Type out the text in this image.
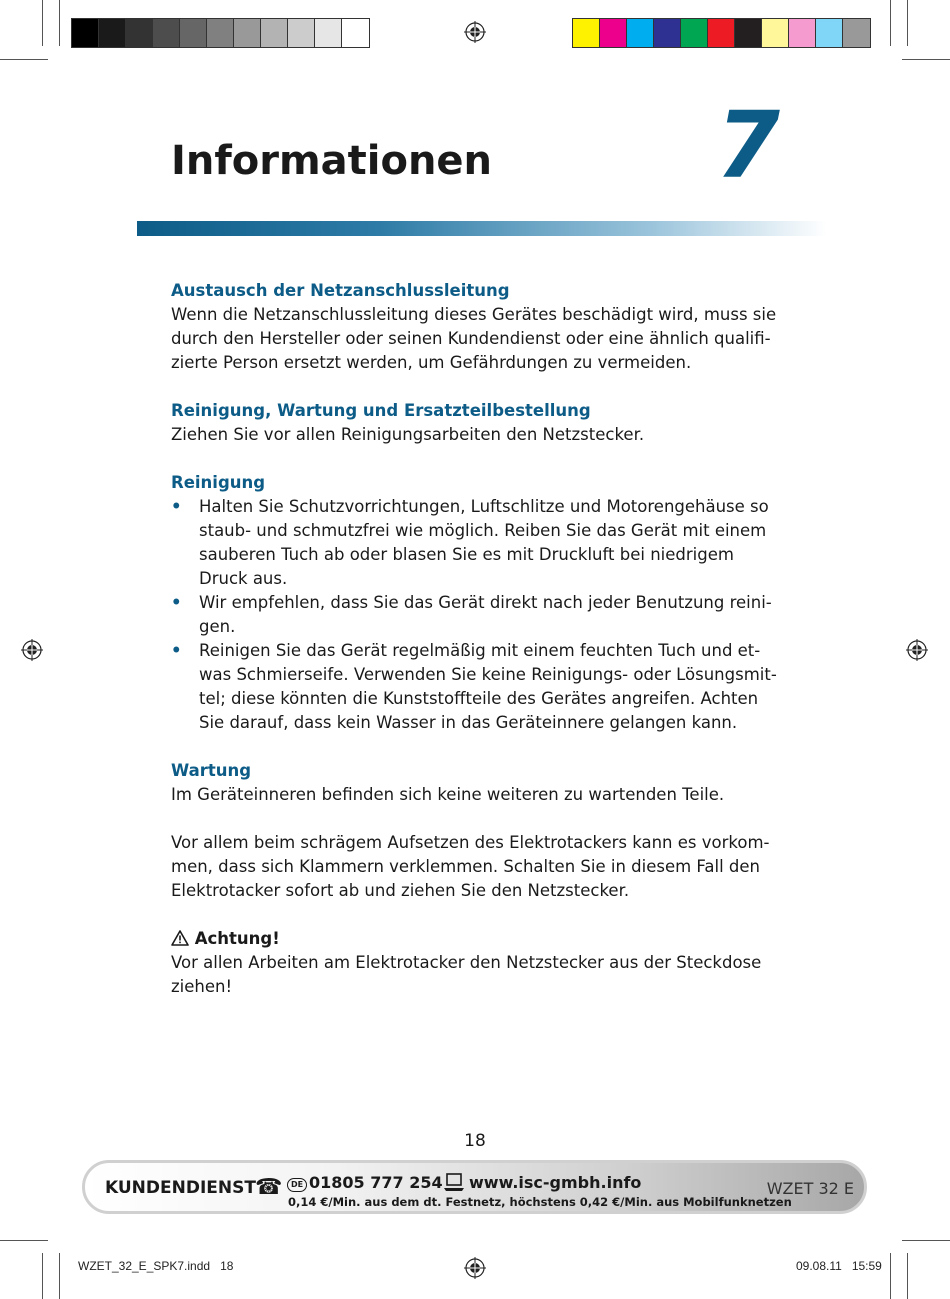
Informationen 7

Austausch der Netzanschlussleitung

Wenn die Netzanschlussleitung dieses Gerätes beschädigt wird, muss sie

durch den Hersteller oder seinen Kundendienst oder eine ähnlich qualifi-

zierte Person ersetzt werden, um Gefährdungen zu vermeiden.

Reinigung, Wartung und Ersatzteilbestellung

Ziehen Sie vor allen Reinigungsarbeiten den Netzstecker.

Reinigung

• Halten Sie Schutzvorrichtungen, Luftschlitze und Motorengehäuse so
staub- und schmutzfrei wie möglich. Reiben Sie das Gerät mit einem
sauberen Tuch ab oder blasen Sie es mit Druckluft bei niedrigem
Druck aus.
• Wir empfehlen, dass Sie das Gerät direkt nach jeder Benutzung reini-
gen.
• Reinigen Sie das Gerät regelmäßig mit einem feuchten Tuch und et-
was Schmierseife. Verwenden Sie keine Reinigungs- oder Lösungsmit-
tel; diese könnten die Kunststoffteile des Gerätes angreifen. Achten
Sie darauf, dass kein Wasser in das Geräteinnere gelangen kann.

Wartung

Im Geräteinneren befinden sich keine weiteren zu wartenden Teile.

Vor allem beim schrägem Aufsetzen des Elektrotackers kann es vorkom-

men, dass sich Klammern verklemmen. Schalten Sie in diesem Fall den

Elektrotacker sofort ab und ziehen Sie den Netzstecker.

Achtung!

Vor allen Arbeiten am Elektrotacker den Netzstecker aus der Steckdose

ziehen!

18
KUNDENDIENST ☎	DE 01805 777 254 www.isc-gmbh.info
0,14 €/Min. aus dem dt. Festnetz, höchstens 0,42 €/Min. aus Mobilfunknetzen
WZET 32 E
WZET_32_E_SPK7.indd   18	09.08.11   15:59
